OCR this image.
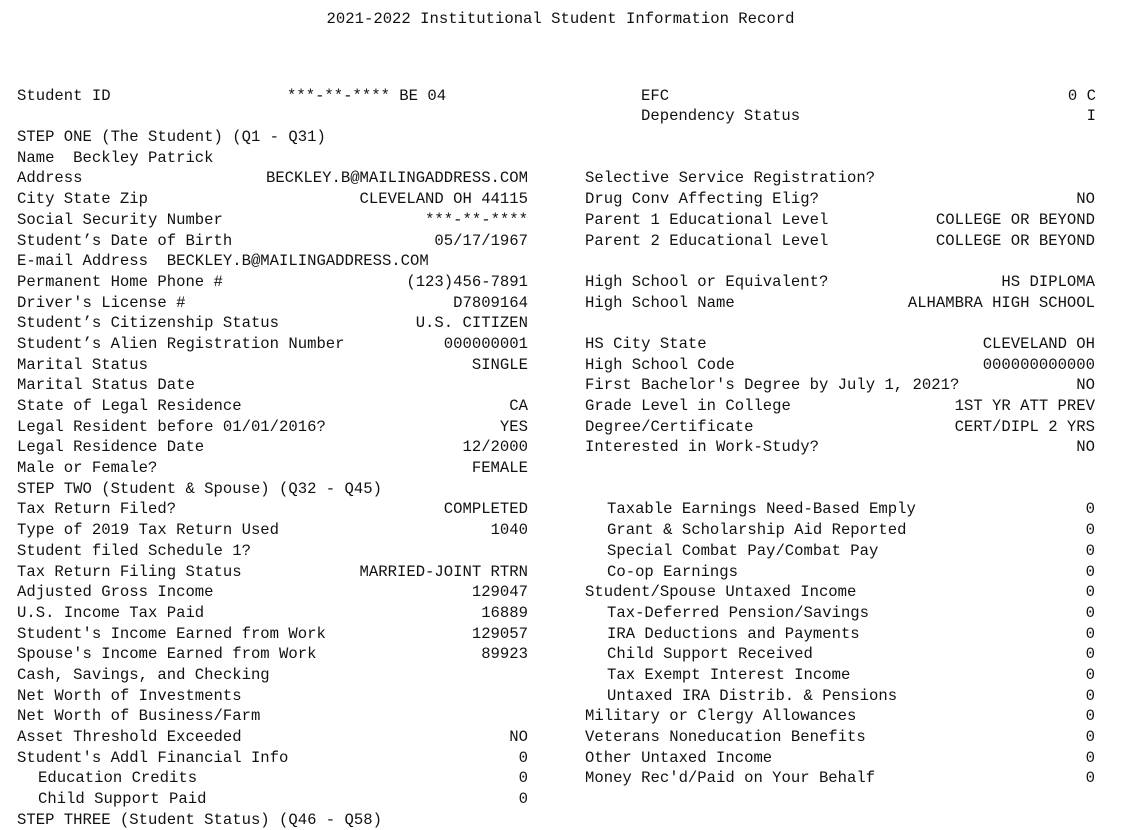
2021-2022 Institutional Student Information Record
Student ID	***-**-**** BE 04
STEP ONE (The Student) (Q1 - Q31)
Name  Beckley Patrick
Address	BECKLEY.B@MAILINGADDRESS.COM
City State Zip	CLEVELAND OH 44115
Social Security Number	***-**-****
Student’s Date of Birth	05/17/1967
E-mail Address  BECKLEY.B@MAILINGADDRESS.COM
Permanent Home Phone #	(123)456-7891
Driver's License #	D7809164
Student’s Citizenship Status	U.S. CITIZEN
Student’s Alien Registration Number	000000001
Marital Status	SINGLE
Marital Status Date
State of Legal Residence	CA
Legal Resident before 01/01/2016?	YES
Legal Residence Date	12/2000
Male or Female?	FEMALE
STEP TWO (Student & Spouse) (Q32 - Q45)
Tax Return Filed?	COMPLETED
Type of 2019 Tax Return Used	1040
Student filed Schedule 1?
Tax Return Filing Status	MARRIED-JOINT RTRN
Adjusted Gross Income	129047
U.S. Income Tax Paid	16889
Student's Income Earned from Work	129057
Spouse's Income Earned from Work	89923
Cash, Savings, and Checking
Net Worth of Investments
Net Worth of Business/Farm
Asset Threshold Exceeded	NO
Student's Addl Financial Info	0
Education Credits	0
Child Support Paid	0
STEP THREE (Student Status) (Q46 - Q58)
EFC	0 C
Dependency Status	I
Selective Service Registration?
Drug Conv Affecting Elig?	NO
Parent 1 Educational Level	COLLEGE OR BEYOND
Parent 2 Educational Level	COLLEGE OR BEYOND
High School or Equivalent?	HS DIPLOMA
High School Name	ALHAMBRA HIGH SCHOOL
HS City State	CLEVELAND OH
High School Code	000000000000
First Bachelor's Degree by July 1, 2021?	NO
Grade Level in College	1ST YR ATT PREV
Degree/Certificate	CERT/DIPL 2 YRS
Interested in Work-Study?	NO
Taxable Earnings Need-Based Emply	0
Grant & Scholarship Aid Reported	0
Special Combat Pay/Combat Pay	0
Co-op Earnings	0
Student/Spouse Untaxed Income	0
Tax-Deferred Pension/Savings	0
IRA Deductions and Payments	0
Child Support Received	0
Tax Exempt Interest Income	0
Untaxed IRA Distrib. & Pensions	0
Military or Clergy Allowances	0
Veterans Noneducation Benefits	0
Other Untaxed Income	0
Money Rec'd/Paid on Your Behalf	0
